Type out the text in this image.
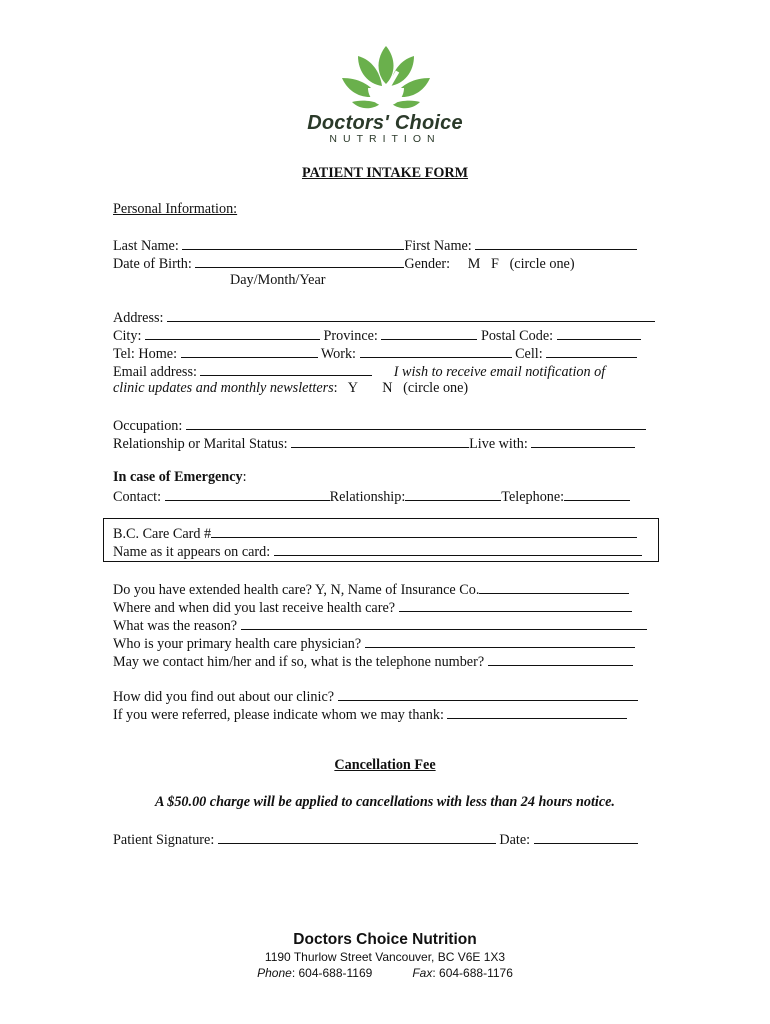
Doctors' Choice
NUTRITION
PATIENT INTAKE FORM
Personal Information:
Last Name:	First Name:
Date of Birth:	Gender: M   F   (circle one)
Day/Month/Year
Address:
City:	Province:	Postal Code:
Tel: Home:	Work:	Cell:
Email address:	I wish to receive email notification of
clinic updates and monthly newsletters:   Y       N   (circle one)
Occupation:
Relationship or Marital Status:	Live with:
In case of Emergency:
Contact:	Relationship:	Telephone:
B.C. Care Card #
Name as it appears on card:
Do you have extended health care? Y, N, Name of Insurance Co.
Where and when did you last receive health care?
What was the reason?
Who is your primary health care physician?
May we contact him/her and if so, what is the telephone number?
How did you find out about our clinic?
If you were referred, please indicate whom we may thank:
Cancellation Fee
A $50.00 charge will be applied to cancellations with less than 24 hours notice.
Patient Signature:	Date:
Doctors Choice Nutrition
1190 Thurlow Street Vancouver, BC V6E 1X3
Phone: 604-688-1169	Fax: 604-688-1176
